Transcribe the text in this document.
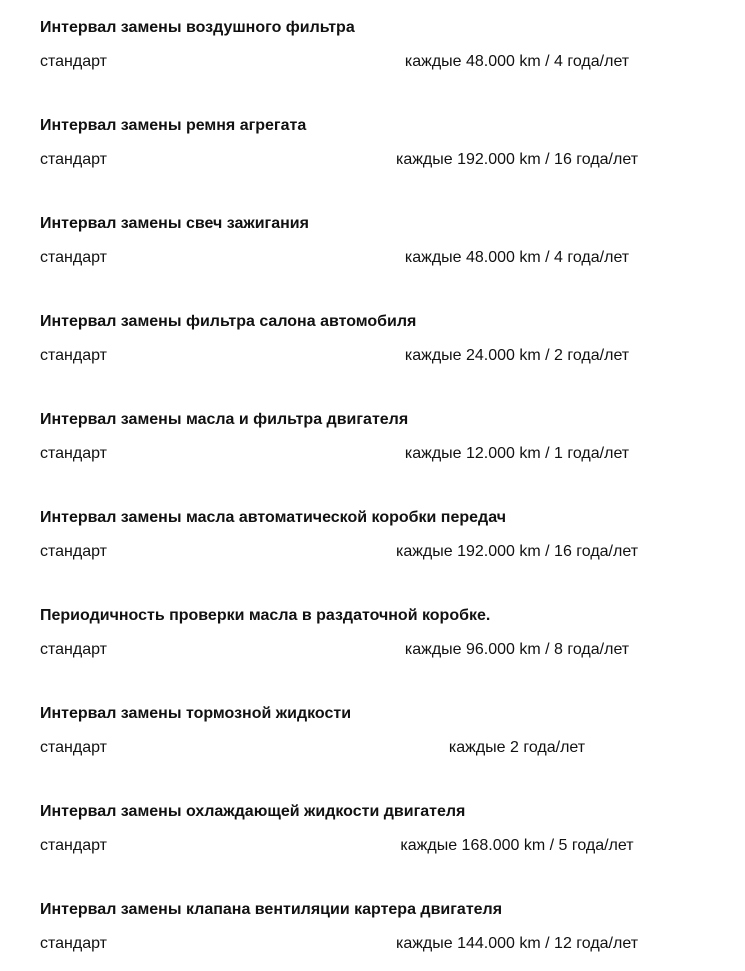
Интервал замены воздушного фильтра
стандарт	каждые 48.000 km / 4 года/лет
Интервал замены ремня агрегата
стандарт	каждые 192.000 km / 16 года/лет
Интервал замены свеч зажигания
стандарт	каждые 48.000 km / 4 года/лет
Интервал замены фильтра салона автомобиля
стандарт	каждые 24.000 km / 2 года/лет
Интервал замены масла и фильтра двигателя
стандарт	каждые 12.000 km / 1 года/лет
Интервал замены масла автоматической коробки передач
стандарт	каждые 192.000 km / 16 года/лет
Периодичность проверки масла в раздаточной коробке.
стандарт	каждые 96.000 km / 8 года/лет
Интервал замены тормозной жидкости
стандарт	каждые 2 года/лет
Интервал замены охлаждающей жидкости двигателя
стандарт	каждые 168.000 km / 5 года/лет
Интервал замены клапана вентиляции картера двигателя
стандарт	каждые 144.000 km / 12 года/лет
